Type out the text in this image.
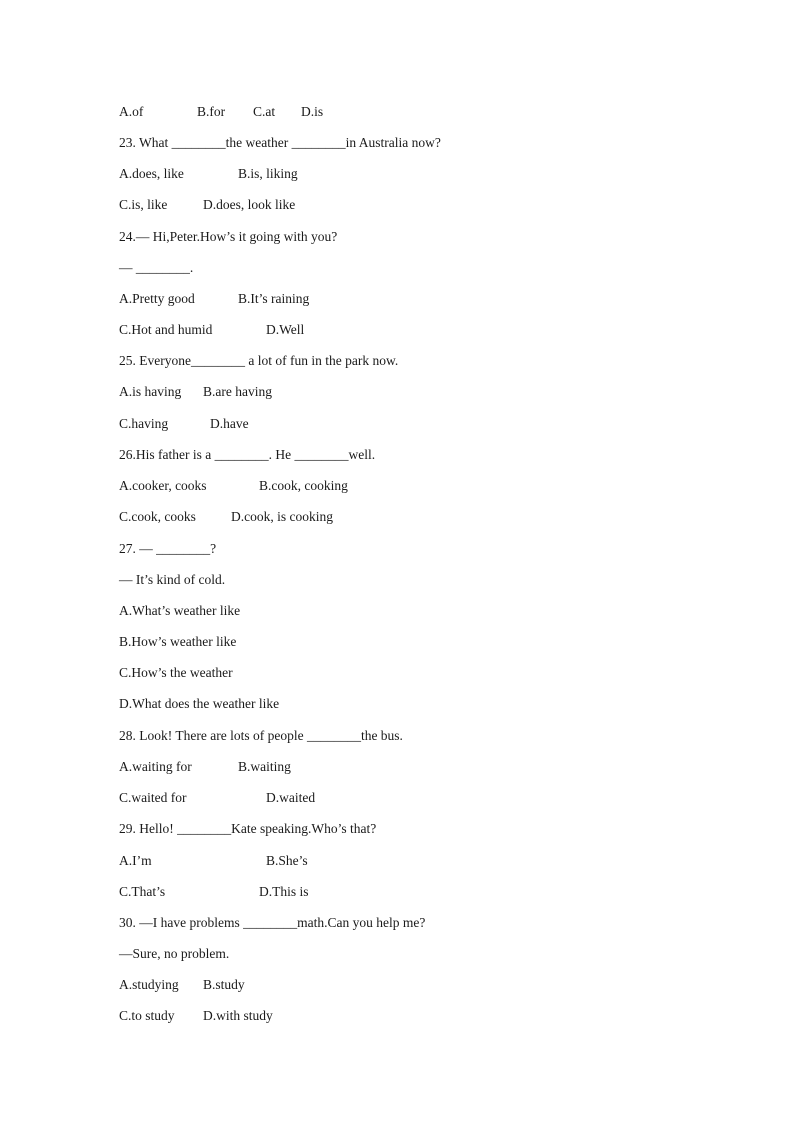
A.of

	B.for

C.at

D.is

23. What ________the weather ________in Australia now?

A.does, like

	B.is, liking

C.is, like

	D.does, look like

24.— Hi,Peter.How’s it going with you?
— ________.

A.Pretty good

	B.It’s raining

C.Hot and humid

	D.Well

25. Everyone________ a lot of fun in the park now.

A.is having

B.are having

C.having

	D.have

26.His father is a ________. He ________well.

A.cooker, cooks

	B.cook, cooking

C.cook, cooks

	D.cook, is cooking

27. — ________?
— It’s kind of cold.
A.What’s weather like
B.How’s weather like
C.How’s the weather
D.What does the weather like
28. Look! There are lots of people ________the bus.

A.waiting for

	B.waiting

C.waited for

	D.waited

29. Hello! ________Kate speaking.Who’s that?

A.I’m

	B.She’s

C.That’s

	D.This is

30. —I have problems ________math.Can you help me?
—Sure, no problem.

A.studying

B.study

C.to study

D.with study
